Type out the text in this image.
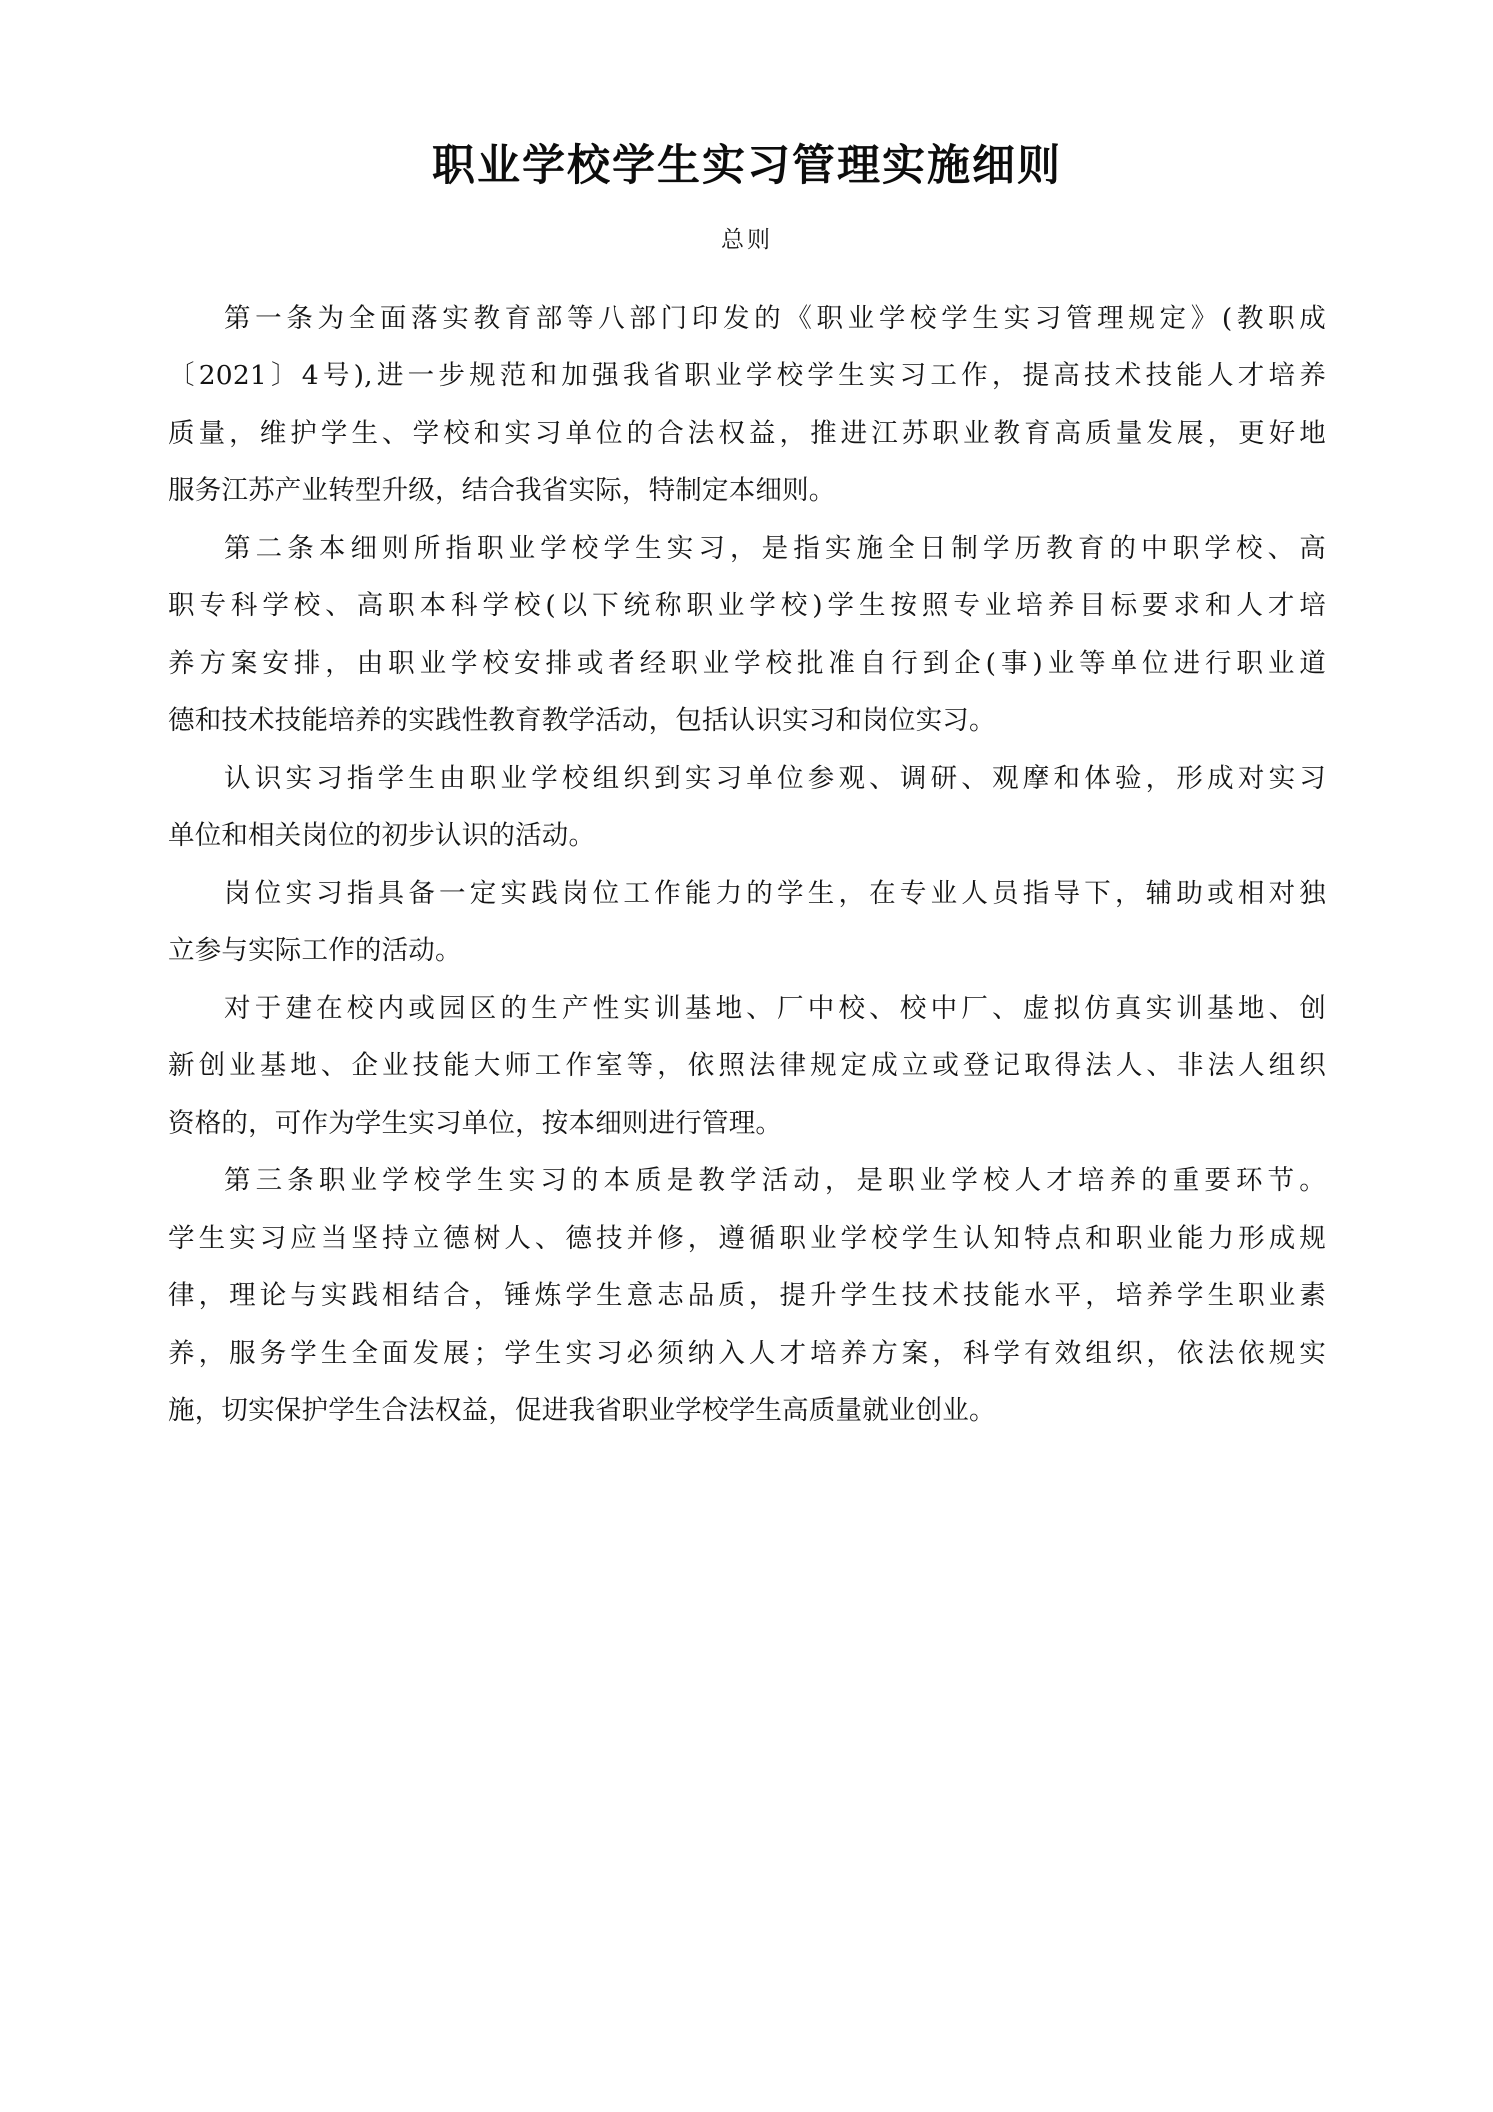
职业学校学生实习管理实施细则
总则
第一条为全面落实教育部等八部门印发的《职业学校学生实习管理规定》(教职成
〔2021〕4号),进一步规范和加强我省职业学校学生实习工作，提高技术技能人才培养
质量，维护学生、学校和实习单位的合法权益，推进江苏职业教育高质量发展，更好地
服务江苏产业转型升级，结合我省实际，特制定本细则。
第二条本细则所指职业学校学生实习，是指实施全日制学历教育的中职学校、高
职专科学校、高职本科学校(以下统称职业学校)学生按照专业培养目标要求和人才培
养方案安排，由职业学校安排或者经职业学校批准自行到企(事)业等单位进行职业道
德和技术技能培养的实践性教育教学活动，包括认识实习和岗位实习。
认识实习指学生由职业学校组织到实习单位参观、调研、观摩和体验，形成对实习
单位和相关岗位的初步认识的活动。
岗位实习指具备一定实践岗位工作能力的学生，在专业人员指导下，辅助或相对独
立参与实际工作的活动。
对于建在校内或园区的生产性实训基地、厂中校、校中厂、虚拟仿真实训基地、创
新创业基地、企业技能大师工作室等，依照法律规定成立或登记取得法人、非法人组织
资格的，可作为学生实习单位，按本细则进行管理。
第三条职业学校学生实习的本质是教学活动，是职业学校人才培养的重要环节。
学生实习应当坚持立德树人、德技并修，遵循职业学校学生认知特点和职业能力形成规
律，理论与实践相结合，锤炼学生意志品质，提升学生技术技能水平，培养学生职业素
养，服务学生全面发展；学生实习必须纳入人才培养方案，科学有效组织，依法依规实
施，切实保护学生合法权益，促进我省职业学校学生高质量就业创业。
